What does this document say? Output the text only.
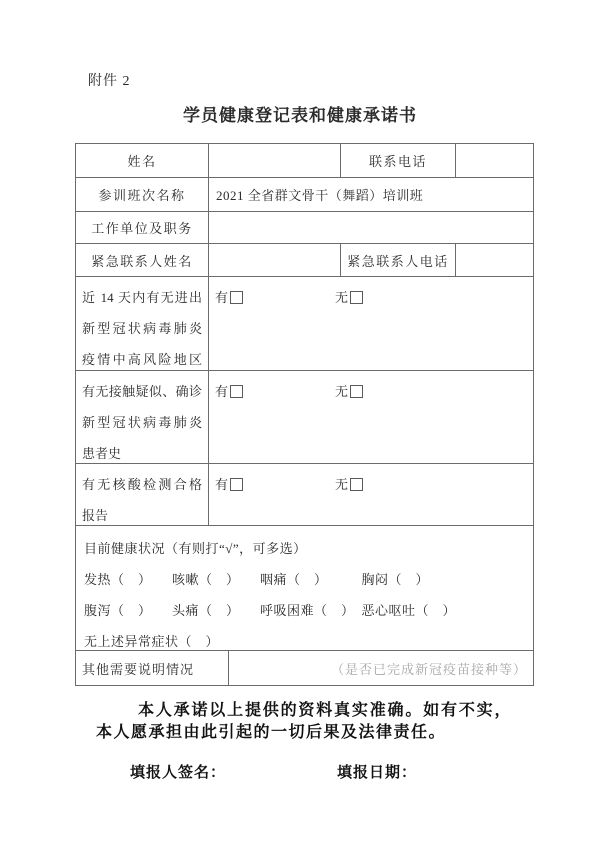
附件 2
学员健康登记表和健康承诺书
姓名	联系电话
参训班次名称	2021 全省群文骨干（舞蹈）培训班
工作单位及职务
紧急联系人姓名	紧急联系人电话
近 14 天内有无进出
新型冠状病毒肺炎
疫情中高风险地区
有	无
有无接触疑似、确诊
新型冠状病毒肺炎
患者史
有	无
有无核酸检测合格
报告
有	无
目前健康状况（有则打“√”，可多选）
发热（　）　　咳嗽（　）　　咽痛（　）　　　胸闷（　）
腹泻（　）　　头痛（　）　　呼吸困难（　）　恶心呕吐（　）
无上述异常症状（　）
其他需要说明情况	（是否已完成新冠疫苗接种等）
本人承诺以上提供的资料真实准确。如有不实，本人愿承担由此引起的一切后果及法律责任。
填报人签名：	填报日期：
